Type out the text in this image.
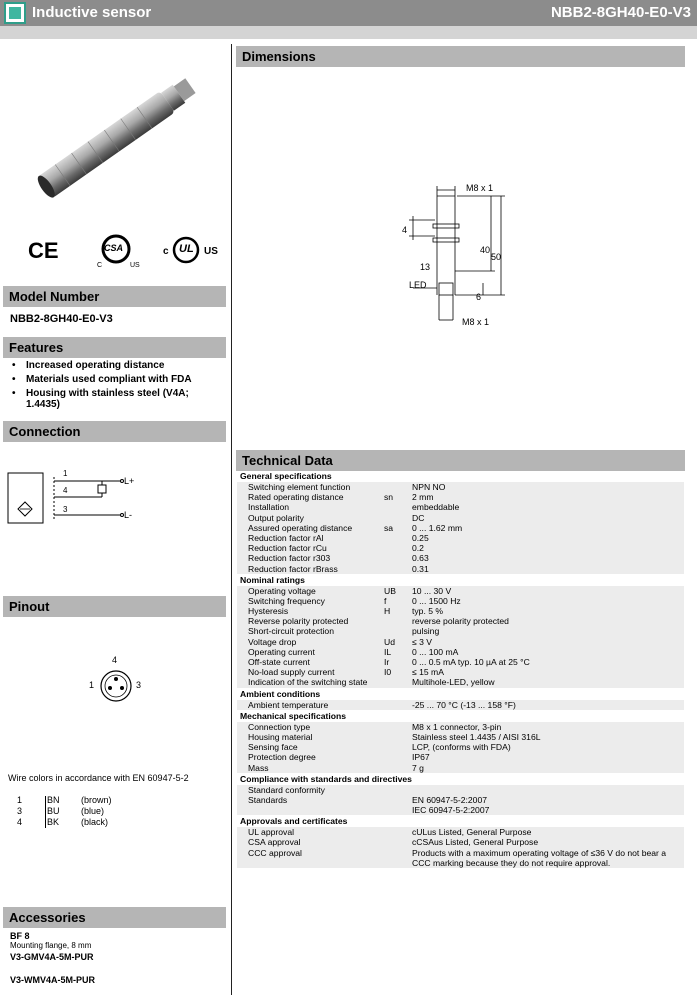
Inductive sensor	NBB2-8GH40-E0-V3
CE	CSA
C	US
c UL US
Model Number
NBB2-8GH40-E0-V3
Features
• Increased operating distance
• Materials used compliant with FDA
• Housing with stainless steel (V4A; 1.4435)
Connection
1
4
3
L+
L-
Pinout
4
1	3
Wire colors in accordance with EN 60947-5-2
1	BN (brown)
3	BU (blue)
4	BK (black)
Accessories
BF 8
Mounting flange, 8 mm
V3-GMV4A-5M-PUR
V3-WMV4A-5M-PUR
Dimensions
M8 x 1
4
13
40
50
6
LED
M8 x 1
Technical Data
General specifications		
Switching element function		NPN NO
Rated operating distance	sn	2 mm
Installation		embeddable
Output polarity		DC
Assured operating distance	sa	0 ... 1.62 mm
Reduction factor rAl		0.25
Reduction factor rCu		0.2
Reduction factor r303		0.63
Reduction factor rBrass		0.31
Nominal ratings		
Operating voltage	UB	10 ... 30 V
Switching frequency	f	0 ... 1500 Hz
Hysteresis	H	typ. 5 %
Reverse polarity protected		reverse polarity protected
Short-circuit protection		pulsing
Voltage drop	Ud	≤ 3 V
Operating current	IL	0 ... 100 mA
Off-state current	Ir	0 ... 0.5 mA typ. 10 µA at 25 °C
No-load supply current	I0	≤ 15 mA
Indication of the switching state		Multihole-LED, yellow
Ambient conditions		
Ambient temperature		-25 ... 70 °C (-13 ... 158 °F)
Mechanical specifications		
Connection type		M8 x 1 connector, 3-pin
Housing material		Stainless steel 1.4435 / AISI 316L
Sensing face		LCP, (conforms with FDA)
Protection degree		IP67
Mass		7 g
Compliance with standards and directives		
Standard conformity		
Standards		EN 60947-5-2:2007
		IEC 60947-5-2:2007
Approvals and certificates		
UL approval		cULus Listed, General Purpose
CSA approval		cCSAus Listed, General Purpose
CCC approval		Products with a maximum operating voltage of ≤36 V do not bear a CCC marking because they do not require approval.
